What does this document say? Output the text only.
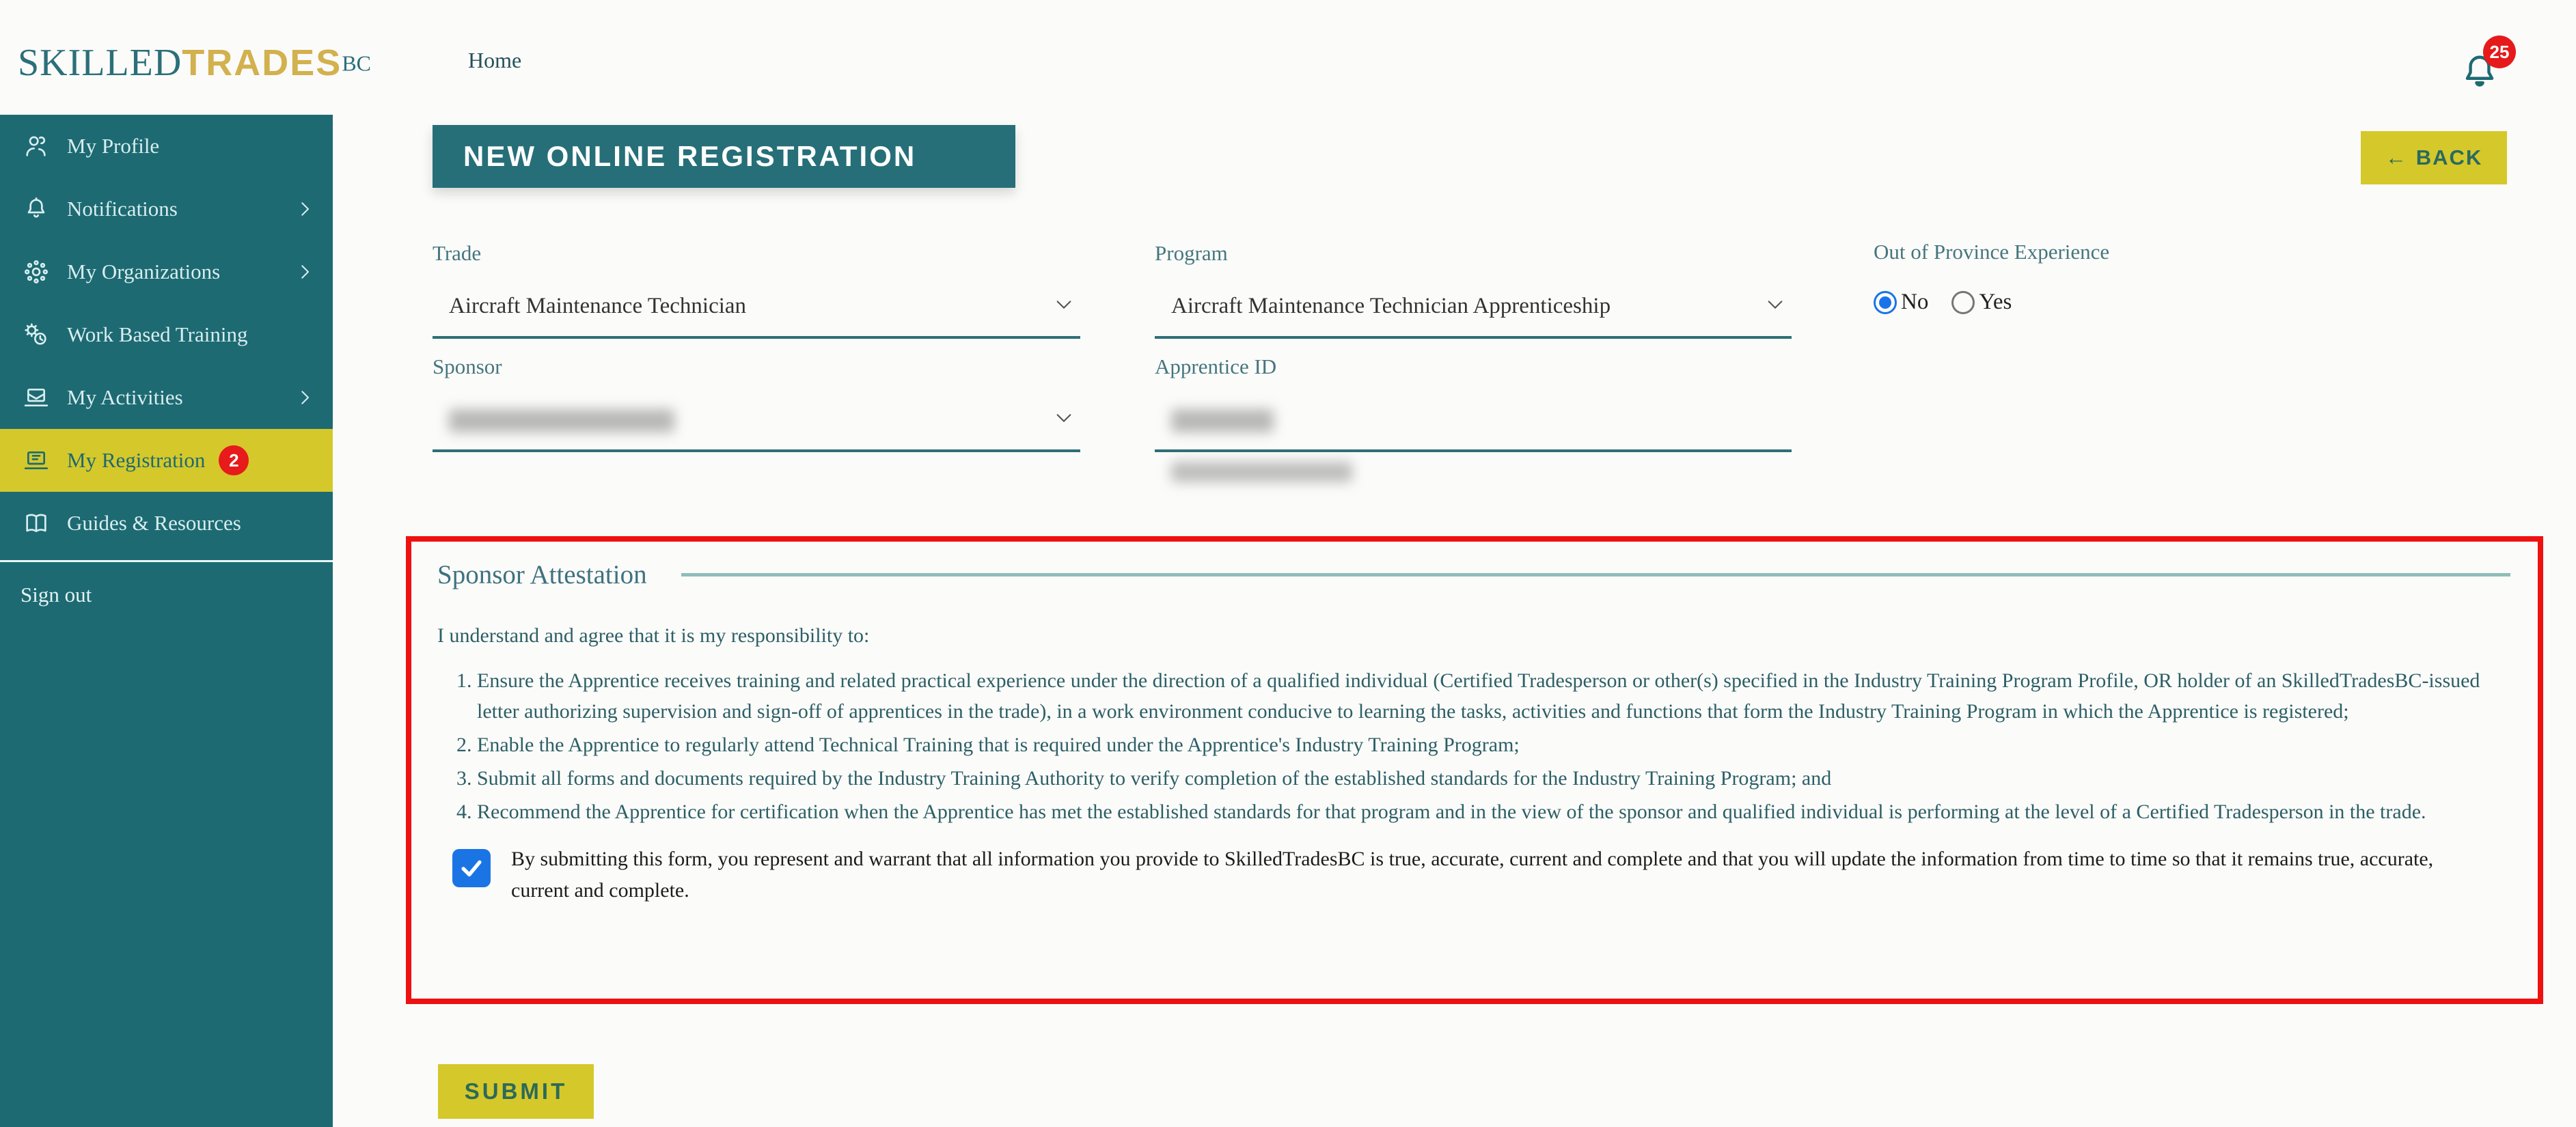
SKILLEDTRADESBC	Home	25
My Profile
Notifications
My Organizations
Work Based Training
My Activities
My Registration	2
Guides & Resources
Sign out
NEW ONLINE REGISTRATION	← BACK
Trade
Aircraft Maintenance Technician
Program
Aircraft Maintenance Technician Apprenticeship
Out of Province Experience
No Yes
Sponsor	Apprentice ID
Sponsor Attestation
I understand and agree that it is my responsibility to:
1. Ensure the Apprentice receives training and related practical experience under the direction of a qualified individual (Certified Tradesperson or other(s) specified in the Industry Training Program Profile, OR holder of an SkilledTradesBC-issued letter authorizing supervision and sign-off of apprentices in the trade), in a work environment conducive to learning the tasks, activities and functions that form the Industry Training Program in which the Apprentice is registered;
2. Enable the Apprentice to regularly attend Technical Training that is required under the Apprentice's Industry Training Program;
3. Submit all forms and documents required by the Industry Training Authority to verify completion of the established standards for the Industry Training Program; and
4. Recommend the Apprentice for certification when the Apprentice has met the established standards for that program and in the view of the sponsor and qualified individual is performing at the level of a Certified Tradesperson in the trade.
By submitting this form, you represent and warrant that all information you provide to SkilledTradesBC is true, accurate, current and complete and that you will update the information from time to time so that it remains true, accurate, current and complete.
SUBMIT
